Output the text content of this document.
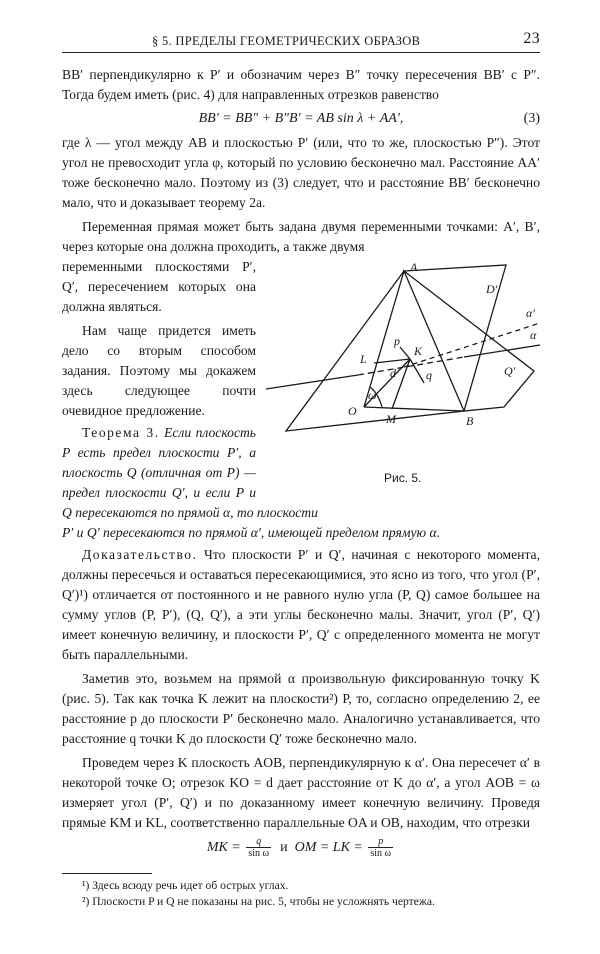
§ 5. ПРЕДЕЛЫ ГЕОМЕТРИЧЕСКИХ ОБРАЗОВ	23

BB′ перпендикулярно к P′ и обозначим через B″ точку пересечения BB′ с P″. Тогда будем иметь (рис. 4) для направленных отрезков равенство

BB′ = BB″ + B″B′ = AB sin λ + AA′,	(3)

где λ — угол между AB и плоскостью P′ (или, что то же, плоскостью P″). Этот угол не превосходит угла φ, который по условию бесконечно мал. Расстояние AA′ тоже бесконечно мало. Поэтому из (3) следует, что и расстояние BB′ бесконечно мало, что и доказывает теорему 2a.

Переменная прямая может быть задана двумя переменными точками: A′, B′, через которые она должна проходить, а также двумя

A
D′
α′
α
Q′
L
p
K
d	q
ω
O
M	B
Рис. 5.

переменными плоскостями P′, Q′, пересечением которых она должна являться.

Нам чаще придется иметь дело со вторым способом задания. Поэтому мы докажем здесь следующее почти очевидное предложение.

Теорема 3. Если плоскость P есть предел плоскости P′, а плоскость Q (отличная от P) — предел плоскости Q′, и если P и Q пересекаются по прямой α, то плоскости

P′ и Q′ пересекаются по прямой α′, имеющей пределом прямую α.

Доказательство. Что плоскости P′ и Q′, начиная с некоторого момента, должны пересечься и оставаться пересекающимися, это ясно из того, что угол (P′, Q′)¹) отличается от постоянного и не равного нулю угла (P, Q) самое большее на сумму углов (P, P′), (Q, Q′), а эти углы бесконечно малы. Значит, угол (P′, Q′) имеет конечную величину, и плоскости P′, Q′ с определенного момента не могут быть параллельными.

Заметив это, возьмем на прямой α произвольную фиксированную точку K (рис. 5). Так как точка K лежит на плоскости²) P, то, согласно определению 2, ее расстояние p до плоскости P′ бесконечно мало. Аналогично устанавливается, что расстояние q точки K до плоскости Q′ тоже бесконечно мало.

Проведем через K плоскость AOB, перпендикулярную к α′. Она пересечет α′ в некоторой точке O; отрезок KO = d дает расстояние от K до α′, а угол AOB = ω измеряет угол (P′, Q′) и по доказанному имеет конечную величину. Проведя прямые KM и KL, соответственно параллельные OA и OB, находим, что отрезки

MK = $\frac{q}{\text{sin ω}}$ и OM = LK = $\frac{p}{\text{sin ω}}$

¹) Здесь всюду речь идет об острых углах.

²) Плоскости P и Q не показаны на рис. 5, чтобы не усложнять чертежа.
